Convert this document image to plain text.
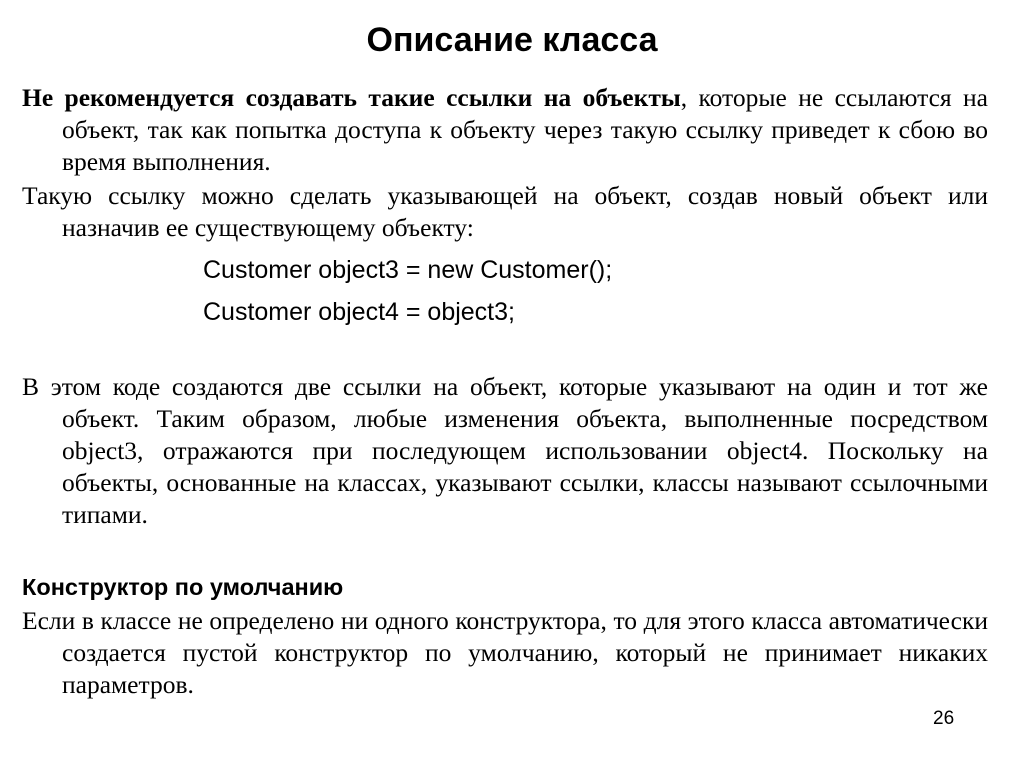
Описание класса
Не рекомендуется создавать такие ссылки на объекты, которые не ссылаются на объект, так как попытка доступа к объекту через такую ссылку приведет к сбою во время выполнения.
Такую ссылку можно сделать указывающей на объект, создав новый объект или назначив ее существующему объекту:
Customer object3 = new Customer();
Customer object4 = object3;
В этом коде создаются две ссылки на объект, которые указывают на один и тот же объект. Таким образом, любые изменения объекта, выполненные посредством object3, отражаются при последующем использовании object4. Поскольку на объекты, основанные на классах, указывают ссылки, классы называют ссылочными типами.
Конструктор по умолчанию
Если в классе не определено ни одного конструктора, то для этого класса автоматически создается пустой конструктор по умолчанию, который не принимает никаких параметров.
26
